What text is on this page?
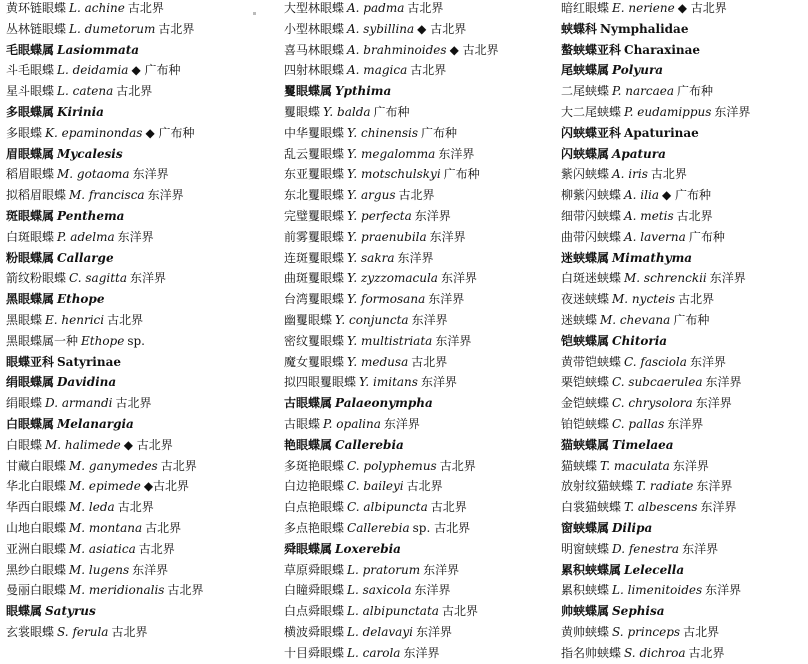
黄环链眼蝶 L. achine 古北界
丛林链眼蝶 L. dumetorum 古北界
毛眼蝶属 Lasiommata
斗毛眼蝶 L. deidamia ◆ 广布种
星斗眼蝶 L. catena 古北界
多眼蝶属 Kirinia
多眼蝶 K. epaminondas ◆ 广布种
眉眼蝶属 Mycalesis
稻眉眼蝶 M. gotaoma 东洋界
拟稻眉眼蝶 M. francisca 东洋界
斑眼蝶属 Penthema
白斑眼蝶 P. adelma 东洋界
粉眼蝶属 Callarge
箭纹粉眼蝶 C. sagitta 东洋界
黑眼蝶属 Ethope
黑眼蝶 E. henrici 古北界
黑眼蝶属一种 Ethope sp.
眼蝶亚科 Satyrinae
绢眼蝶属 Davidina
绢眼蝶 D. armandi 古北界
白眼蝶属 Melanargia
白眼蝶 M. halimede ◆ 古北界
甘藏白眼蝶 M. ganymedes 古北界
华北白眼蝶 M. epimede ◆古北界
华西白眼蝶 M. leda 古北界
山地白眼蝶 M. montana 古北界
亚洲白眼蝶 M. asiatica 古北界
黑纱白眼蝶 M. lugens 东洋界
曼丽白眼蝶 M. meridionalis 古北界
眼蝶属 Satyrus
玄裳眼蝶 S. ferula 古北界
大型林眼蝶 A. padma 古北界
小型林眼蝶 A. sybillina ◆ 古北界
喜马林眼蝶 A. brahminoides ◆ 古北界
四射林眼蝶 A. magica 古北界
矍眼蝶属 Ypthima
矍眼蝶 Y. balda 广布种
中华矍眼蝶 Y. chinensis 广布种
乱云矍眼蝶 Y. megalomma 东洋界
东亚矍眼蝶 Y. motschulskyi 广布种
东北矍眼蝶 Y. argus 古北界
完璧矍眼蝶 Y. perfecta 东洋界
前雾矍眼蝶 Y. praenubila 东洋界
连斑矍眼蝶 Y. sakra 东洋界
曲斑矍眼蝶 Y. zyzzomacula 东洋界
台湾矍眼蝶 Y. formosana 东洋界
幽矍眼蝶 Y. conjuncta 东洋界
密纹矍眼蝶 Y. multistriata 东洋界
魔女矍眼蝶 Y. medusa 古北界
拟四眼矍眼蝶 Y. imitans 东洋界
古眼蝶属 Palaeonympha
古眼蝶 P. opalina 东洋界
艳眼蝶属 Callerebia
多斑艳眼蝶 C. polyphemus 古北界
白边艳眼蝶 C. baileyi 古北界
白点艳眼蝶 C. albipuncta 古北界
多点艳眼蝶 Callerebia sp. 古北界
舜眼蝶属 Loxerebia
草原舜眼蝶 L. pratorum 东洋界
白瞳舜眼蝶 L. saxicola 东洋界
白点舜眼蝶 L. albipunctata 古北界
横波舜眼蝶 L. delavayi 东洋界
十目舜眼蝶 L. carola 东洋界
暗红眼蝶 E. neriene ◆ 古北界
蛱蝶科 Nymphalidae
螯蛱蝶亚科 Charaxinae
尾蛱蝶属 Polyura
二尾蛱蝶 P. narcaea 广布种
大二尾蛱蝶 P. eudamippus 东洋界
闪蛱蝶亚科 Apaturinae
闪蛱蝶属 Apatura
紫闪蛱蝶 A. iris 古北界
柳紫闪蛱蝶 A. ilia ◆ 广布种
细带闪蛱蝶 A. metis 古北界
曲带闪蛱蝶 A. laverna 广布种
迷蛱蝶属 Mimathyma
白斑迷蛱蝶 M. schrenckii 东洋界
夜迷蛱蝶 M. nycteis 古北界
迷蛱蝶 M. chevana 广布种
铠蛱蝶属 Chitoria
黄带铠蛱蝶 C. fasciola 东洋界
栗铠蛱蝶 C. subcaerulea 东洋界
金铠蛱蝶 C. chrysolora 东洋界
铂铠蛱蝶 C. pallas 东洋界
猫蛱蝶属 Timelaea
猫蛱蝶 T. maculata 东洋界
放射纹猫蛱蝶 T. radiate 东洋界
白裳猫蛱蝶 T. albescens 东洋界
窗蛱蝶属 Dilipa
明窗蛱蝶 D. fenestra 东洋界
累积蛱蝶属 Lelecella
累积蛱蝶 L. limenitoides 东洋界
帅蛱蝶属 Sephisa
黄帅蛱蝶 S. princeps 古北界
指名帅蛱蝶 S. dichroa 古北界
